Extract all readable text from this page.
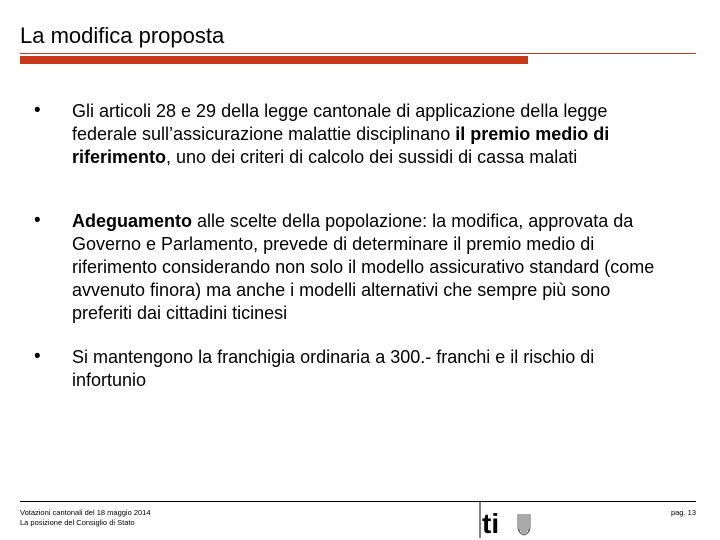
La modifica proposta
• Gli articoli 28 e 29 della legge cantonale di applicazione della legge federale sull’assicurazione malattie disciplinano il premio medio di riferimento, uno dei criteri di calcolo dei sussidi di cassa malati
• Adeguamento alle scelte della popolazione: la modifica, approvata da Governo e Parlamento, prevede di determinare il premio medio di riferimento considerando non solo il modello assicurativo standard (come avvenuto finora) ma anche i modelli alternativi che sempre più sono preferiti dai cittadini ticinesi
• Si mantengono la franchigia ordinaria a 300.- franchi e il rischio di infortunio
Votazioni cantonali del 18 maggio 2014
La posizione del Consiglio di Stato	ti	pag. 13
